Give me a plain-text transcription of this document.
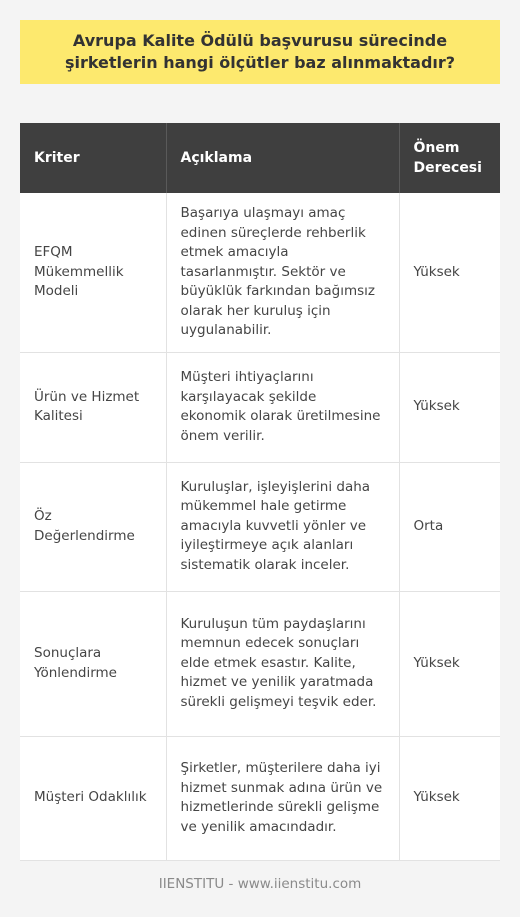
Avrupa Kalite Ödülü başvurusu sürecinde şirketlerin hangi ölçütler baz alınmaktadır?
Kriter	Açıklama	Önem Derecesi
EFQM Mükemmellik Modeli	Başarıya ulaşmayı amaç edinen süreçlerde rehberlik etmek amacıyla tasarlanmıştır. Sektör ve büyüklük farkından bağımsız olarak her kuruluş için uygulanabilir.	Yüksek
Ürün ve Hizmet Kalitesi	Müşteri ihtiyaçlarını karşılayacak şekilde ekonomik olarak üretilmesine önem verilir.	Yüksek
Öz Değerlendirme	Kuruluşlar, işleyişlerini daha mükemmel hale getirme amacıyla kuvvetli yönler ve iyileştirmeye açık alanları sistematik olarak inceler.	Orta
Sonuçlara Yönlendirme	Kuruluşun tüm paydaşlarını memnun edecek sonuçları elde etmek esastır. Kalite, hizmet ve yenilik yaratmada sürekli gelişmeyi teşvik eder.	Yüksek
Müşteri Odaklılık	Şirketler, müşterilere daha iyi hizmet sunmak adına ürün ve hizmetlerinde sürekli gelişme ve yenilik amacındadır.	Yüksek
IIENSTITU - www.iienstitu.com
